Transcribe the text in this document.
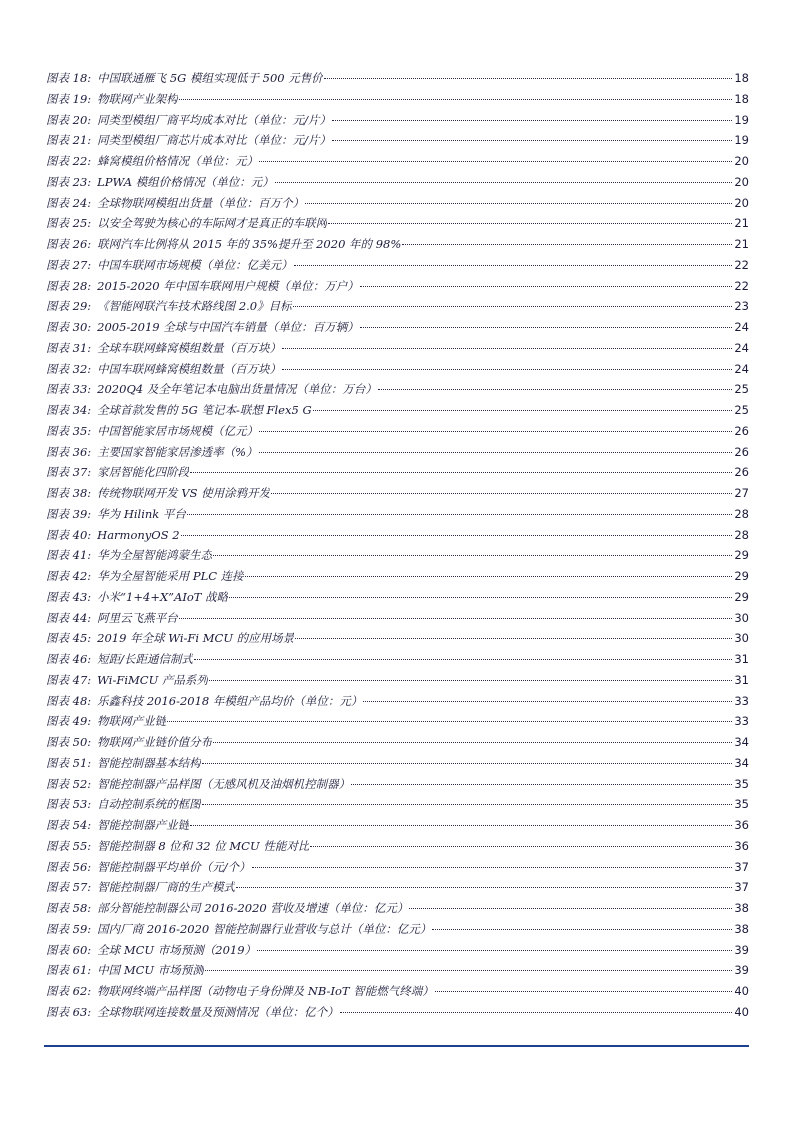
图表 18: 中国联通雁飞 5G 模组实现低于 500 元售价	18
图表 19: 物联网产业架构	18
图表 20: 同类型模组厂商平均成本对比（单位：元/片）	19
图表 21: 同类型模组厂商芯片成本对比（单位：元/片）	19
图表 22: 蜂窝模组价格情况（单位：元）	20
图表 23: LPWA 模组价格情况（单位：元）	20
图表 24: 全球物联网模组出货量（单位：百万个）	20
图表 25: 以安全驾驶为核心的车际网才是真正的车联网	21
图表 26: 联网汽车比例将从 2015 年的 35%提升至 2020 年的 98%	21
图表 27: 中国车联网市场规模（单位：亿美元）	22
图表 28: 2015-2020 年中国车联网用户规模（单位：万户）	22
图表 29: 《智能网联汽车技术路线图 2.0》目标	23
图表 30: 2005-2019 全球与中国汽车销量（单位：百万辆）	24
图表 31: 全球车联网蜂窝模组数量（百万块）	24
图表 32: 中国车联网蜂窝模组数量（百万块）	24
图表 33: 2020Q4 及全年笔记本电脑出货量情况（单位：万台）	25
图表 34: 全球首款发售的 5G 笔记本-联想 Flex5 G	25
图表 35: 中国智能家居市场规模（亿元）	26
图表 36: 主要国家智能家居渗透率（%）	26
图表 37: 家居智能化四阶段	26
图表 38: 传统物联网开发 VS 使用涂鸦开发	27
图表 39: 华为 Hilink 平台	28
图表 40: HarmonyOS 2	28
图表 41: 华为全屋智能鸿蒙生态	29
图表 42: 华为全屋智能采用 PLC 连接	29
图表 43: 小米“1+4+X”AIoT 战略	29
图表 44: 阿里云飞燕平台	30
图表 45: 2019 年全球 Wi-Fi MCU 的应用场景	30
图表 46: 短距/长距通信制式	31
图表 47: Wi-FiMCU 产品系列	31
图表 48: 乐鑫科技 2016-2018 年模组产品均价（单位：元）	33
图表 49: 物联网产业链	33
图表 50: 物联网产业链价值分布	34
图表 51: 智能控制器基本结构	34
图表 52: 智能控制器产品样图（无感风机及油烟机控制器）	35
图表 53: 自动控制系统的框图	35
图表 54: 智能控制器产业链	36
图表 55: 智能控制器 8 位和 32 位 MCU 性能对比	36
图表 56: 智能控制器平均单价（元/个）	37
图表 57: 智能控制器厂商的生产模式	37
图表 58: 部分智能控制器公司 2016-2020 营收及增速（单位：亿元）	38
图表 59: 国内厂商 2016-2020 智能控制器行业营收与总计（单位：亿元）	38
图表 60: 全球 MCU 市场预测（2019）	39
图表 61: 中国 MCU 市场预测	39
图表 62: 物联网终端产品样图（动物电子身份牌及 NB-IoT 智能燃气终端）	40
图表 63: 全球物联网连接数量及预测情况（单位：亿个）	40
